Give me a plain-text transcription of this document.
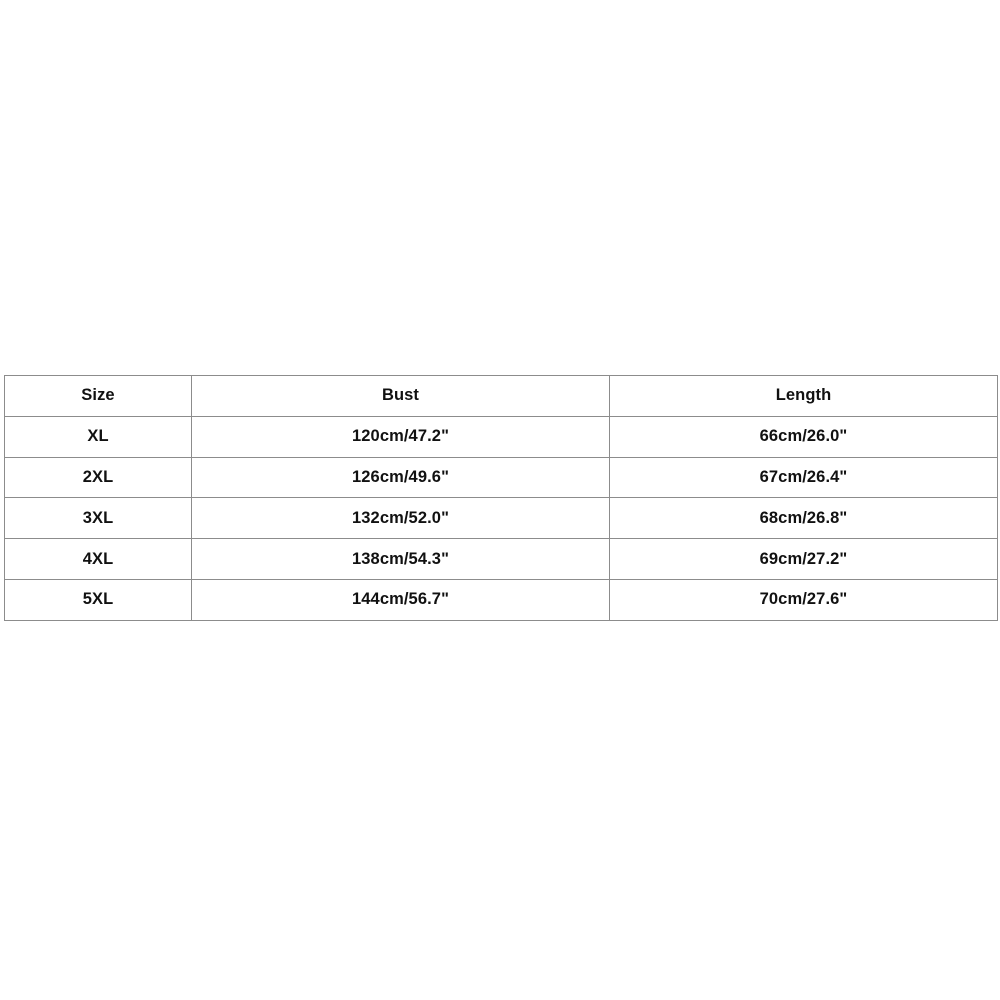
Size	Bust	Length
XL	120cm/47.2"	66cm/26.0"
2XL	126cm/49.6"	67cm/26.4"
3XL	132cm/52.0"	68cm/26.8"
4XL	138cm/54.3"	69cm/27.2"
5XL	144cm/56.7"	70cm/27.6"
